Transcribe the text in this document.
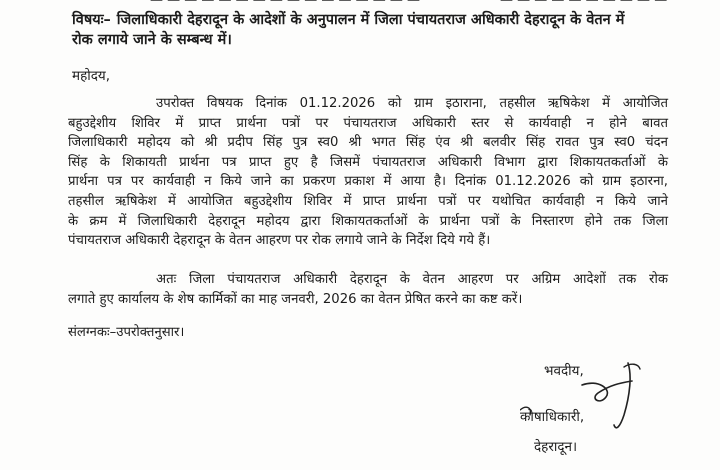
— — — — — — — — — — — — — — — —	— — — — — — — — — —
विषयः– जिलाधिकारी देहरादून के आदेशों के अनुपालन में जिला पंचायतराज अधिकारी देहरादून के वेतन में
रोक लगाये जाने के सम्बन्ध में।
महोदय,
उपरोक्त विषयक दिनांक 01.12.2026 को ग्राम इठाराना, तहसील ऋषिकेश में आयोजित
बहुउद्देशीय शिविर में प्राप्त प्रार्थना पत्रों पर पंचायतराज अधिकारी स्तर से कार्यवाही न होने बावत
जिलाधिकारी महोदय को श्री प्रदीप सिंह पुत्र स्व0 श्री भगत सिंह एंव श्री बलवीर सिंह रावत पुत्र स्व0 चंदन
सिंह के शिकायती प्रार्थना पत्र प्राप्त हुए है जिसमें पंचायतराज अधिकारी विभाग द्वारा शिकायतकर्ताओं के
प्रार्थना पत्र पर कार्यवाही न किये जाने का प्रकरण प्रकाश में आया है। दिनांक 01.12.2026 को ग्राम इठारना,
तहसील ऋषिकेश में आयोजित बहुउद्देशीय शिविर में प्राप्त प्रार्थना पत्रों पर यथोचित कार्यवाही न किये जाने
के क्रम में जिलाधिकारी देहरादून महोदय द्वारा शिकायतकर्ताओं के प्रार्थना पत्रों के निस्तारण होने तक जिला
पंचायतराज अधिकारी देहरादून के वेतन आहरण पर रोक लगाये जाने के निर्देश दिये गये हैं।
अतः जिला पंचायतराज अधिकारी देहरादून के वेतन आहरण पर अग्रिम आदेशों तक रोक
लगाते हुए कार्यालय के शेष कार्मिकों का माह जनवरी, 2026 का वेतन प्रेषित करने का कष्ट करें।
संलग्नकः–उपरोक्तनुसार।
भवदीय,
कोषाधिकारी,
देहरादून।
